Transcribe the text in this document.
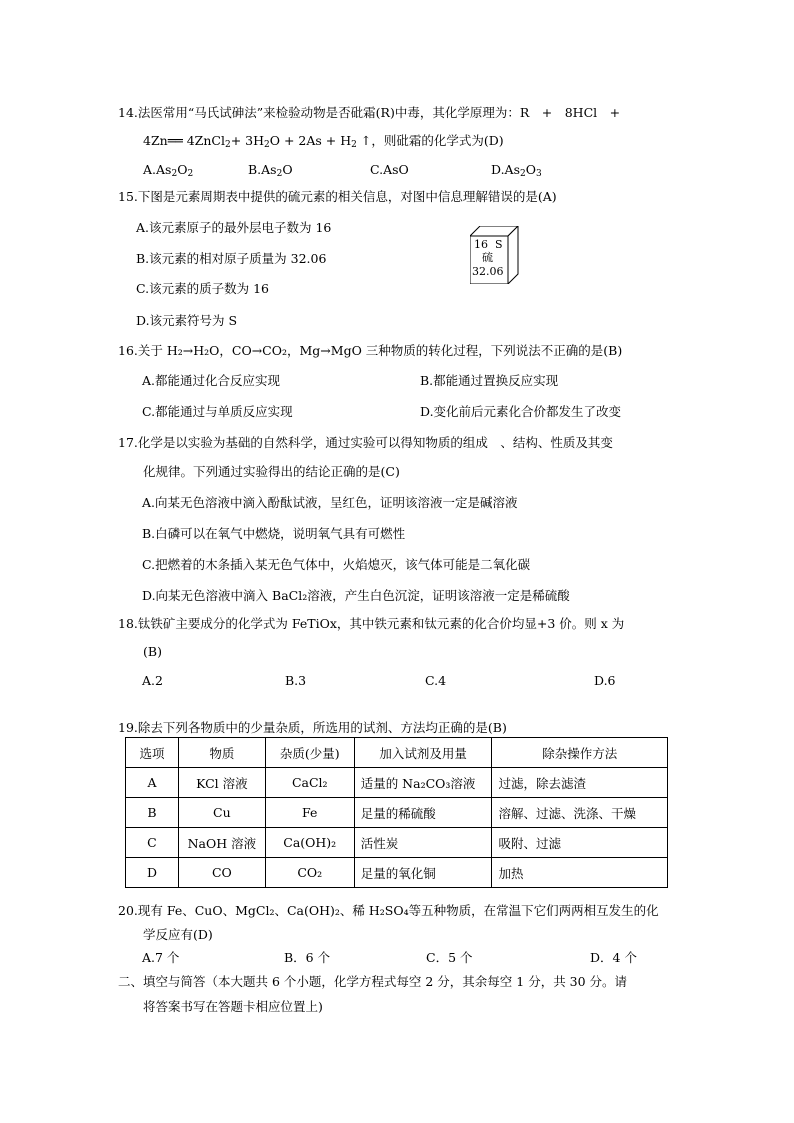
14.法医常用“马氏试砷法”来检验动物是否砒霜(R)中毒，其化学原理为：R　+　8HCl　+
4Zn══ 4ZnCl$_2$+ $3H_2O + 2As + H_2$ ↑，则砒霜的化学式为(D)
$A.As_2O_2$	$B.As_2O$	C.AsO	$D.As_2O_3$
15.下图是元素周期表中提供的硫元素的相关信息，对图中信息理解错误的是(A)
A.该元素原子的最外层电子数为 16
B.该元素的相对原子质量为 32.06
C.该元素的质子数为 16
D.该元素符号为 S
16 S
硫
32.06
16.关于 H₂→H₂O，CO→CO₂，Mg→MgO 三种物质的转化过程，下列说法不正确的是(B)
A.都能通过化合反应实现	B.都能通过置换反应实现
C.都能通过与单质反应实现	D.变化前后元素化合价都发生了改变
17.化学是以实验为基础的自然科学，通过实验可以得知物质的组成　、结构、性质及其变
化规律。下列通过实验得出的结论正确的是(C)
A.向某无色溶液中滴入酚酞试液，呈红色，证明该溶液一定是碱溶液
B.白磷可以在氧气中燃烧，说明氧气具有可燃性
C.把燃着的木条插入某无色气体中，火焰熄灭，该气体可能是二氧化碳
D.向某无色溶液中滴入 BaCl₂溶液，产生白色沉淀，证明该溶液一定是稀硫酸
18.钛铁矿主要成分的化学式为 FeTiOx，其中铁元素和钛元素的化合价均显+3 价。则 x 为
(B)
A.2	B.3	C.4	D.6
19.除去下列各物质中的少量杂质，所选用的试剂、方法均正确的是(B)
选项	物质	杂质(少量)	加入试剂及用量	除杂操作方法
A	KCl 溶液	CaCl₂	适量的 Na₂CO₃溶液	过滤，除去滤渣
B	Cu	Fe	足量的稀硫酸	溶解、过滤、洗涤、干燥
C	NaOH 溶液	Ca(OH)₂	活性炭	吸附、过滤
D	CO	CO₂	足量的氧化铜	加热
20.现有 Fe、CuO、MgCl₂、Ca(OH)₂、稀 H₂SO₄等五种物质，在常温下它们两两相互发生的化
学反应有(D)
A.7 个	B．6 个	C．5 个	D．4 个
二、填空与简答（本大题共 6 个小题，化学方程式每空 2 分，其余每空 1 分，共 30 分。请
将答案书写在答题卡相应位置上)
